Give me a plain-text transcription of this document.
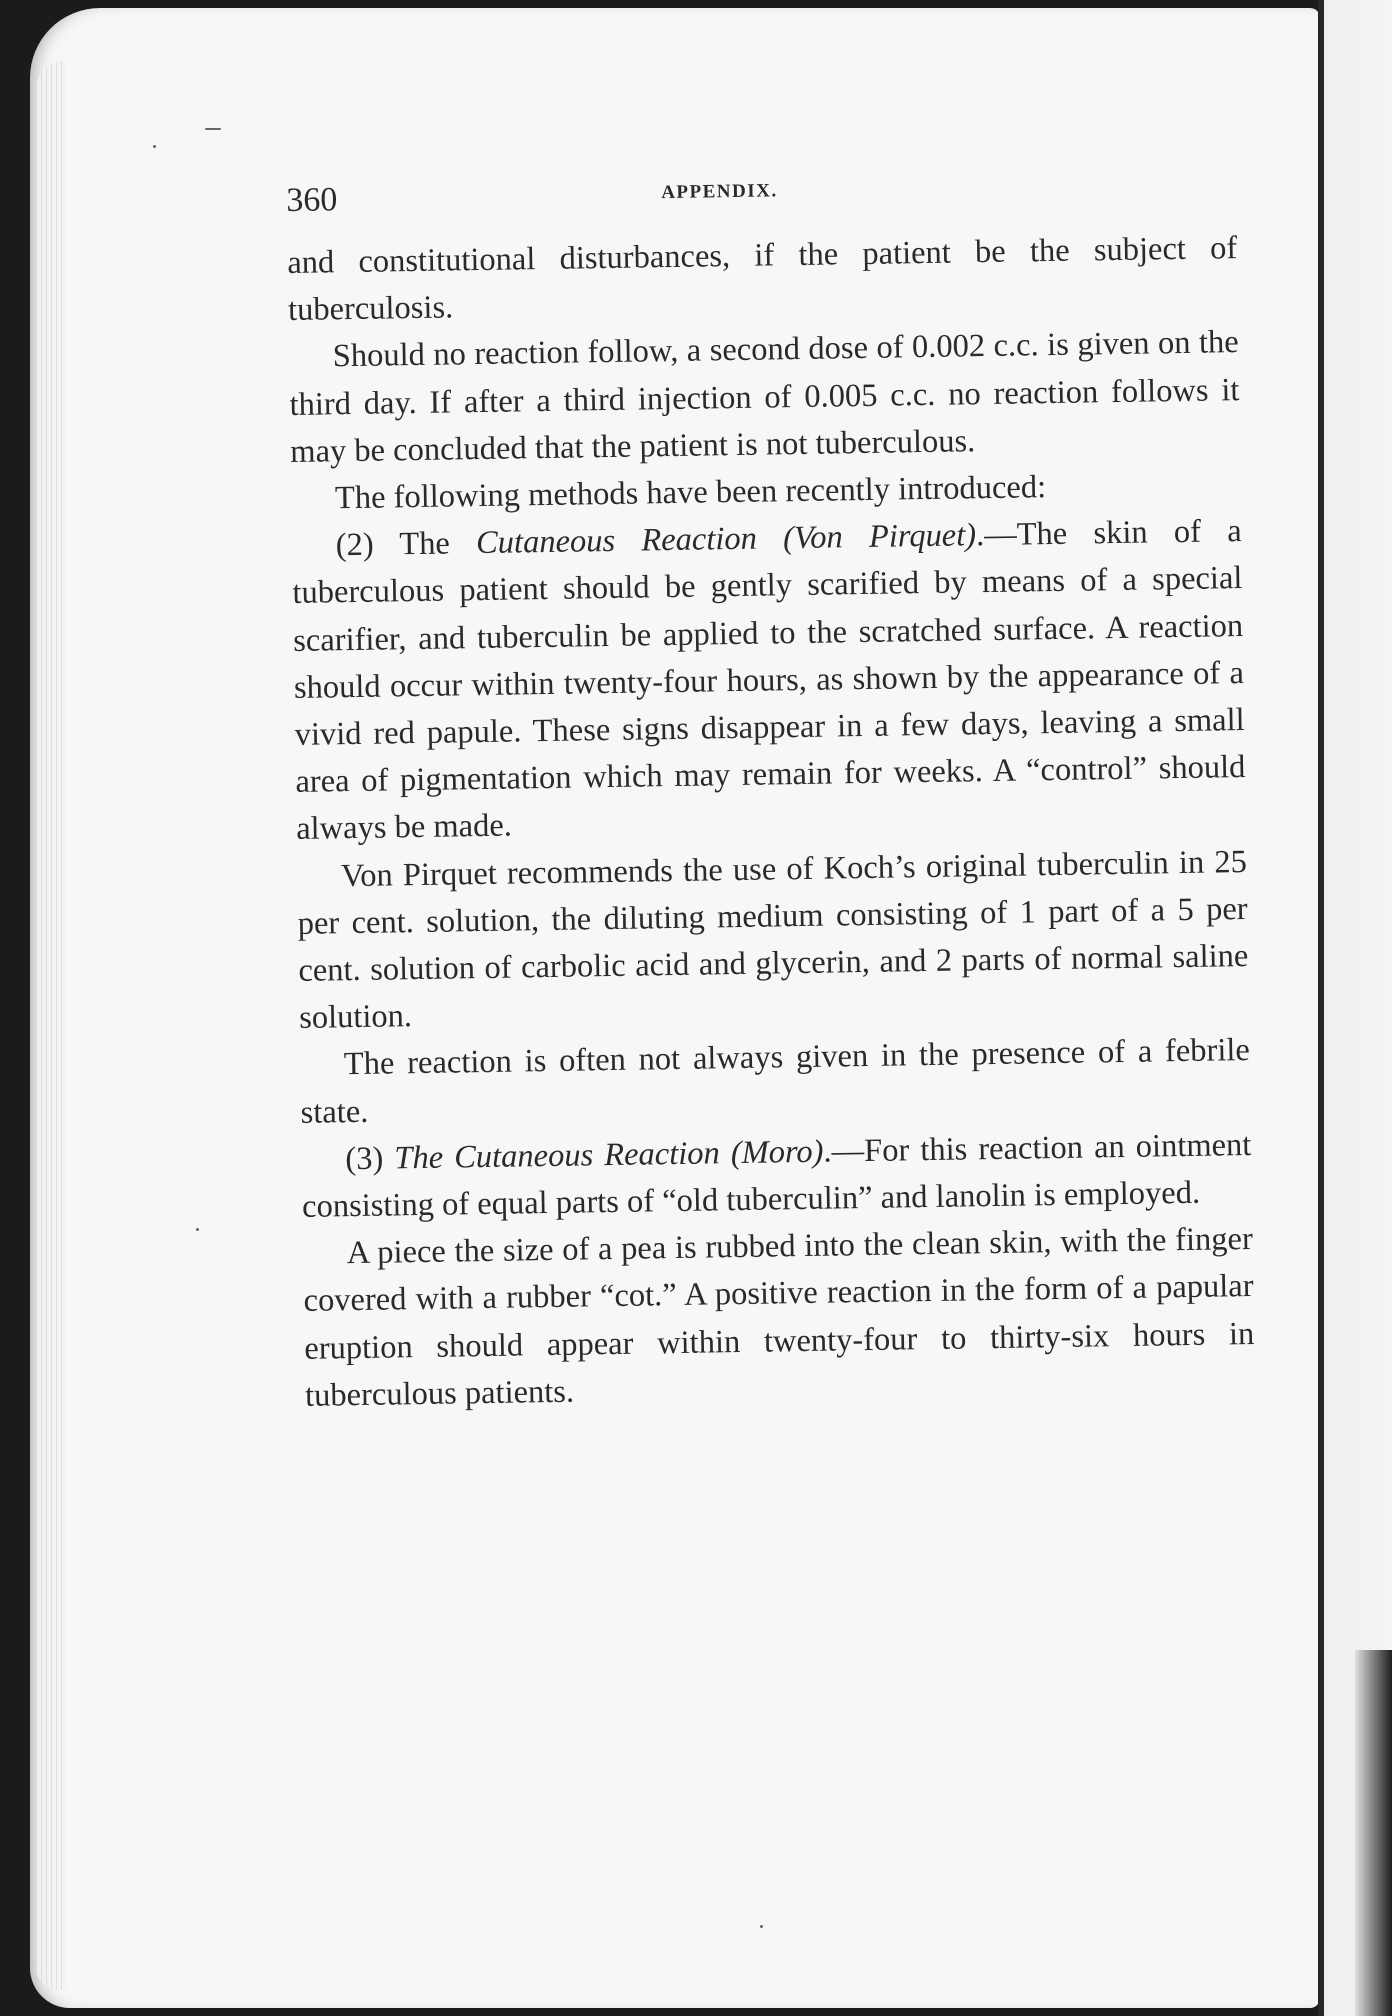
360	APPENDIX.

and constitutional disturbances, if the patient be the subject of tuberculosis.

Should no reaction follow, a second dose of 0.002 c.c. is given on the third day. If after a third injection of 0.005 c.c. no reaction follows it may be concluded that the patient is not tuberculous.

The following methods have been recently introduced:

(2) The Cutaneous Reaction (Von Pirquet).—The skin of a tuberculous patient should be gently scarified by means of a special scarifier, and tuberculin be applied to the scratched surface. A reaction should occur within twenty-four hours, as shown by the appearance of a vivid red papule. These signs disappear in a few days, leaving a small area of pigmentation which may remain for weeks. A “control” should always be made.

Von Pirquet recommends the use of Koch’s original tuberculin in 25 per cent. solution, the diluting medium consisting of 1 part of a 5 per cent. solution of carbolic acid and glycerin, and 2 parts of normal saline solution.

The reaction is often not always given in the presence of a febrile state.

(3) The Cutaneous Reaction (Moro).—For this reaction an ointment consisting of equal parts of “old tuberculin” and lanolin is employed.

A piece the size of a pea is rubbed into the clean skin, with the finger covered with a rubber “cot.” A positive reaction in the form of a papular eruption should appear within twenty-four to thirty-six hours in tuberculous patients.
